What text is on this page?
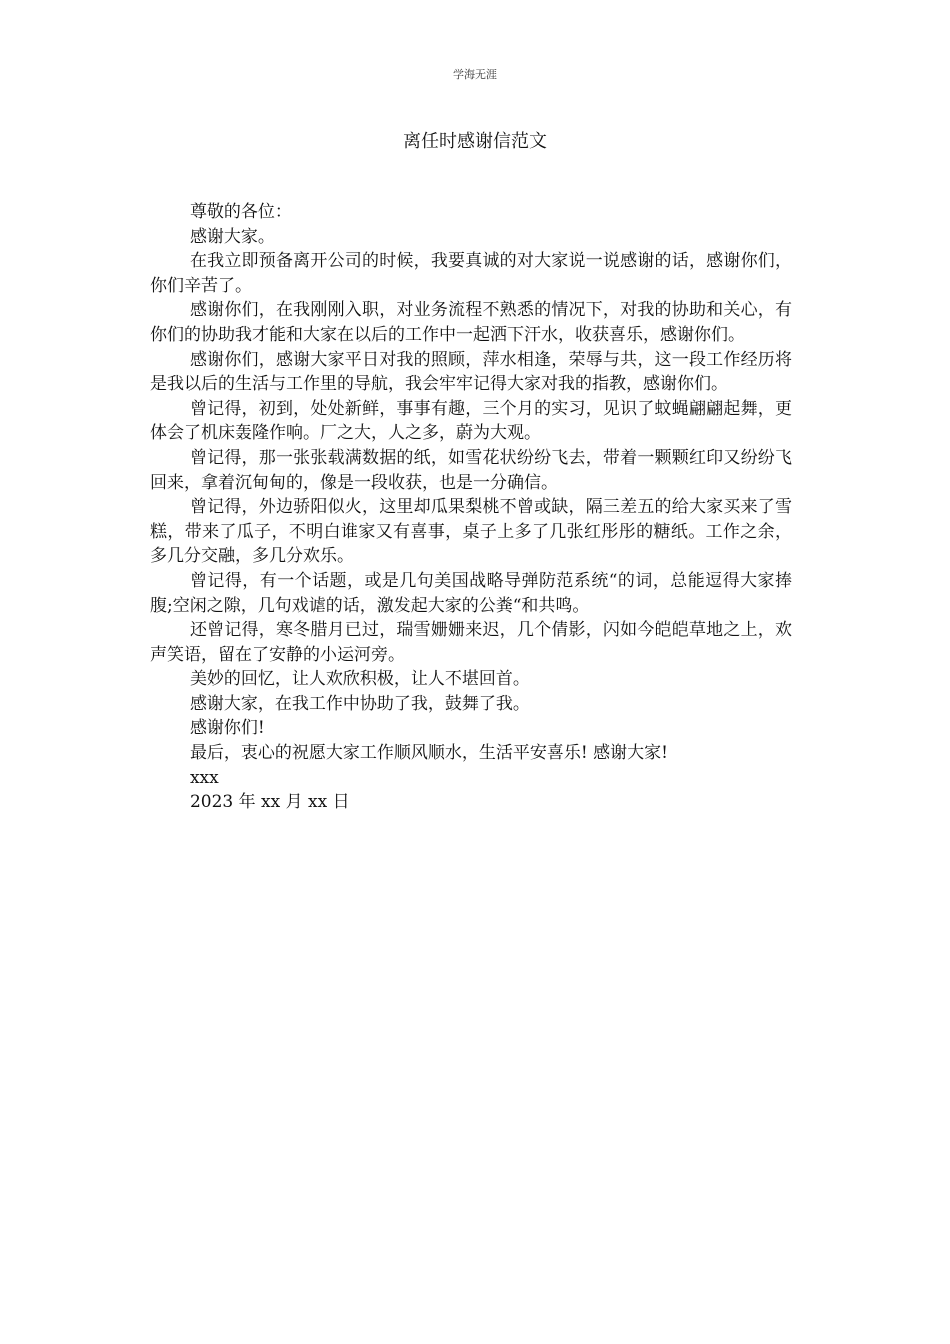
学海无涯
离任时感谢信范文

尊敬的各位：

感谢大家。

在我立即预备离开公司的时候，我要真诚的对大家说一说感谢的话，感谢你们，你们辛苦了。

感谢你们，在我刚刚入职，对业务流程不熟悉的情况下，对我的协助和关心，有你们的协助我才能和大家在以后的工作中一起洒下汗水，收获喜乐，感谢你们。

感谢你们，感谢大家平日对我的照顾，萍水相逢，荣辱与共，这一段工作经历将是我以后的生活与工作里的导航，我会牢牢记得大家对我的指教，感谢你们。

曾记得，初到，处处新鲜，事事有趣，三个月的实习，见识了蚊蝇翩翩起舞，更体会了机床轰隆作响。厂之大，人之多，蔚为大观。

曾记得，那一张张载满数据的纸，如雪花状纷纷飞去，带着一颗颗红印又纷纷飞回来，拿着沉甸甸的，像是一段收获，也是一分确信。

曾记得，外边骄阳似火，这里却瓜果梨桃不曾或缺，隔三差五的给大家买来了雪糕，带来了瓜子，不明白谁家又有喜事，桌子上多了几张红彤彤的糖纸。工作之余，多几分交融，多几分欢乐。

曾记得，有一个话题，或是几句美国战略导弹防范系统“的词，总能逗得大家捧腹;空闲之隙，几句戏谑的话，激发起大家的公粪“和共鸣。

还曾记得，寒冬腊月已过，瑞雪姗姗来迟，几个倩影，闪如今皑皑草地之上，欢声笑语，留在了安静的小运河旁。

美妙的回忆，让人欢欣积极，让人不堪回首。

感谢大家，在我工作中协助了我，鼓舞了我。

感谢你们!

最后，衷心的祝愿大家工作顺风顺水，生活平安喜乐! 感谢大家!

xxx

2023 年 xx 月 xx 日
